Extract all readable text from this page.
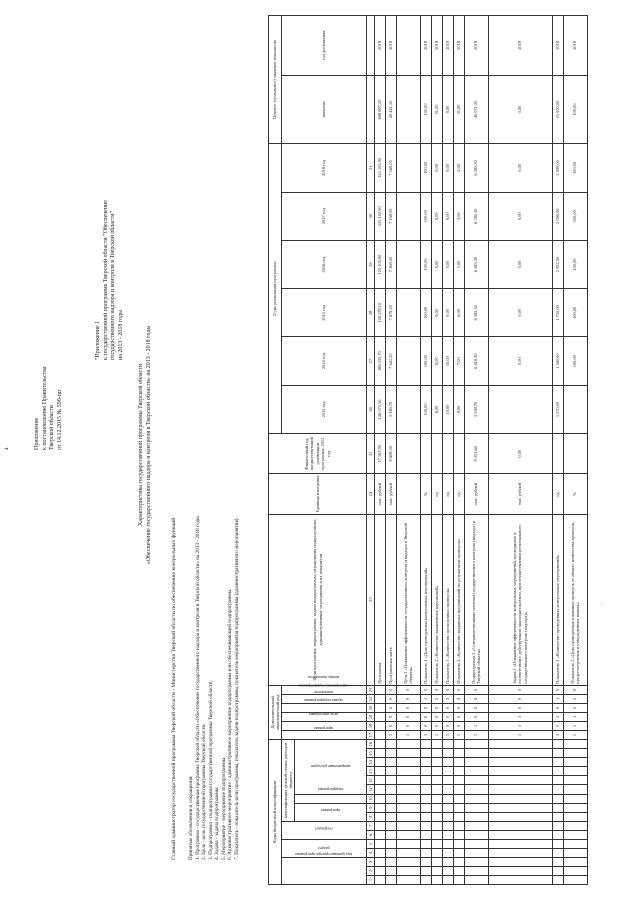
4
.
Приложение к постановлению Правительства Тверской области от 14.12.2015 № 590-пп
"Приложение 1 к государственной программе Тверской области "Обеспечение государственного надзора и контроля в Тверской области" на 2013 - 2018 годы
Характеристика государственной программы Тверской области «Обеспечение государственного надзора и контроля в Тверской области» на 2013 - 2018 годы
Главный администратор государственной программы Тверской области - Министерство Тверской области по обеспечению контрольных функций Принятые обозначения и сокращения: 1. Программа - государственная программа Тверской области «Обеспечение государственного надзора и контроля в Тверской области» на 2013 - 2018 годы. 2. Цель - цель государственной программы Тверской области. 3. Подпрограмма - подпрограмма государственной программы Тверской области. 4. Задача - задача подпрограммы. 5. Мероприятие - мероприятие подпрограммы. 6. Административное мероприятие - административное мероприятие подпрограммы или обеспечивающей подпрограммы. 7. Показатель - показатель цели программы, показатель задачи подпрограммы, показатель мероприятия подпрограммы (административного мероприятия).	Коды бюджетной классификации																Дополнительный аналитический код						Цели программы, подпрограммы, задачи подпрограммы, мероприятия подпрограммы, административные мероприятия и их показатели	Единица измерения	Финансовый год, предшествующий реализации программы, 2012 год	Годы реализации программы						Целевое (суммарное) значение показателя	
код администратора программы			раздел		подраздел		классификация целевой статьи расходов бюджета									программа	цель программы	задача подпрограммы	мероприятие подпрограммы	показатель	номер показателя				2013 год	2014 год	2015 год	2016 год	2017 год	2018 год	значение	год достижения
							программа		подпрограмма	направление расходов																						
1	2	3	4	5	6	7	8	9	10	11	12	13	14	15	16	17	18	19	20	21	22	23	24	25	26	27	28	29	30	31		
																						Программа	тыс. рублей	17 567,90	126 072,50	169 033,70	128 278,10	125 105,90	125 105,90	125 105,90	698 697,20	2018
																1	0	0	0	0	0	Программная часть	тыс. рублей	8 608,30	3 349,70	7 641,20	7 679,20	7 168,00	7 168,00	7 168,00	40 441,10	2018
																1	0	0	0	0	0	Цель 1 «Повышение эффективности государственного контроля и надзора в Тверской области»										
																1	0	0	0	1	0	Показатель 1 «Доля проведенных контрольных мероприятий»	%		100,00	100,00	100,00	100,00	100,00	100,00	100,00	2018
																1	0	0	0	2	0	Показатель 2 «Количество выявленных нарушений»	ед.		6,00	9,00	9,00	9,00	9,00	9,00	51,00	2018
																1	0	0	0	3	0	Показатель 3 «Количество проведенных проверок»	ед.		10,00	10,00	9,00	9,00	9,00	9,00	9,00	2018
																1	0	0	0	4	0	Показатель 4 «Количество выданных предписаний по результатам проверок»	ед.		8,00	7,00	6,00	5,00	3,00	2,00	31,00	2018
																1	1	0	0	0	0	Подпрограмма 1 «Совершенствование системы государственного контроля (надзора) в Тверской области»	тыс. рублей	8 351,60	3 338,70	6 410,30	6 585,30	6 585,30	6 585,30	6 585,30	40 071,20	2018
																1	1	1	0	0	0	Задача 1 «Повышение эффективности контрольных мероприятий, проводимых в соответствии с действующим законодательством, при осуществлении регионального государственного контроля (надзора)»	тыс. рублей	0,00		0,00	0,00	0,00	0,00	0,00	0,00	2018
																1	1	1	0	1	0	Показатель 1 «Количество проведенных контрольных мероприятий»	ед.		1 570,00	1 560,00	1 750,00	2 092,00	2 090,00	2 090,00	11 950,00	2018
																1	1	1	0	2	0	Показатель 2 «Доля проведенных плановых проверок от общего количества проверок, предусмотренных в утвержденных планах»	%			100,00	100,00	100,00	100,00	100,00	100,00	2018
